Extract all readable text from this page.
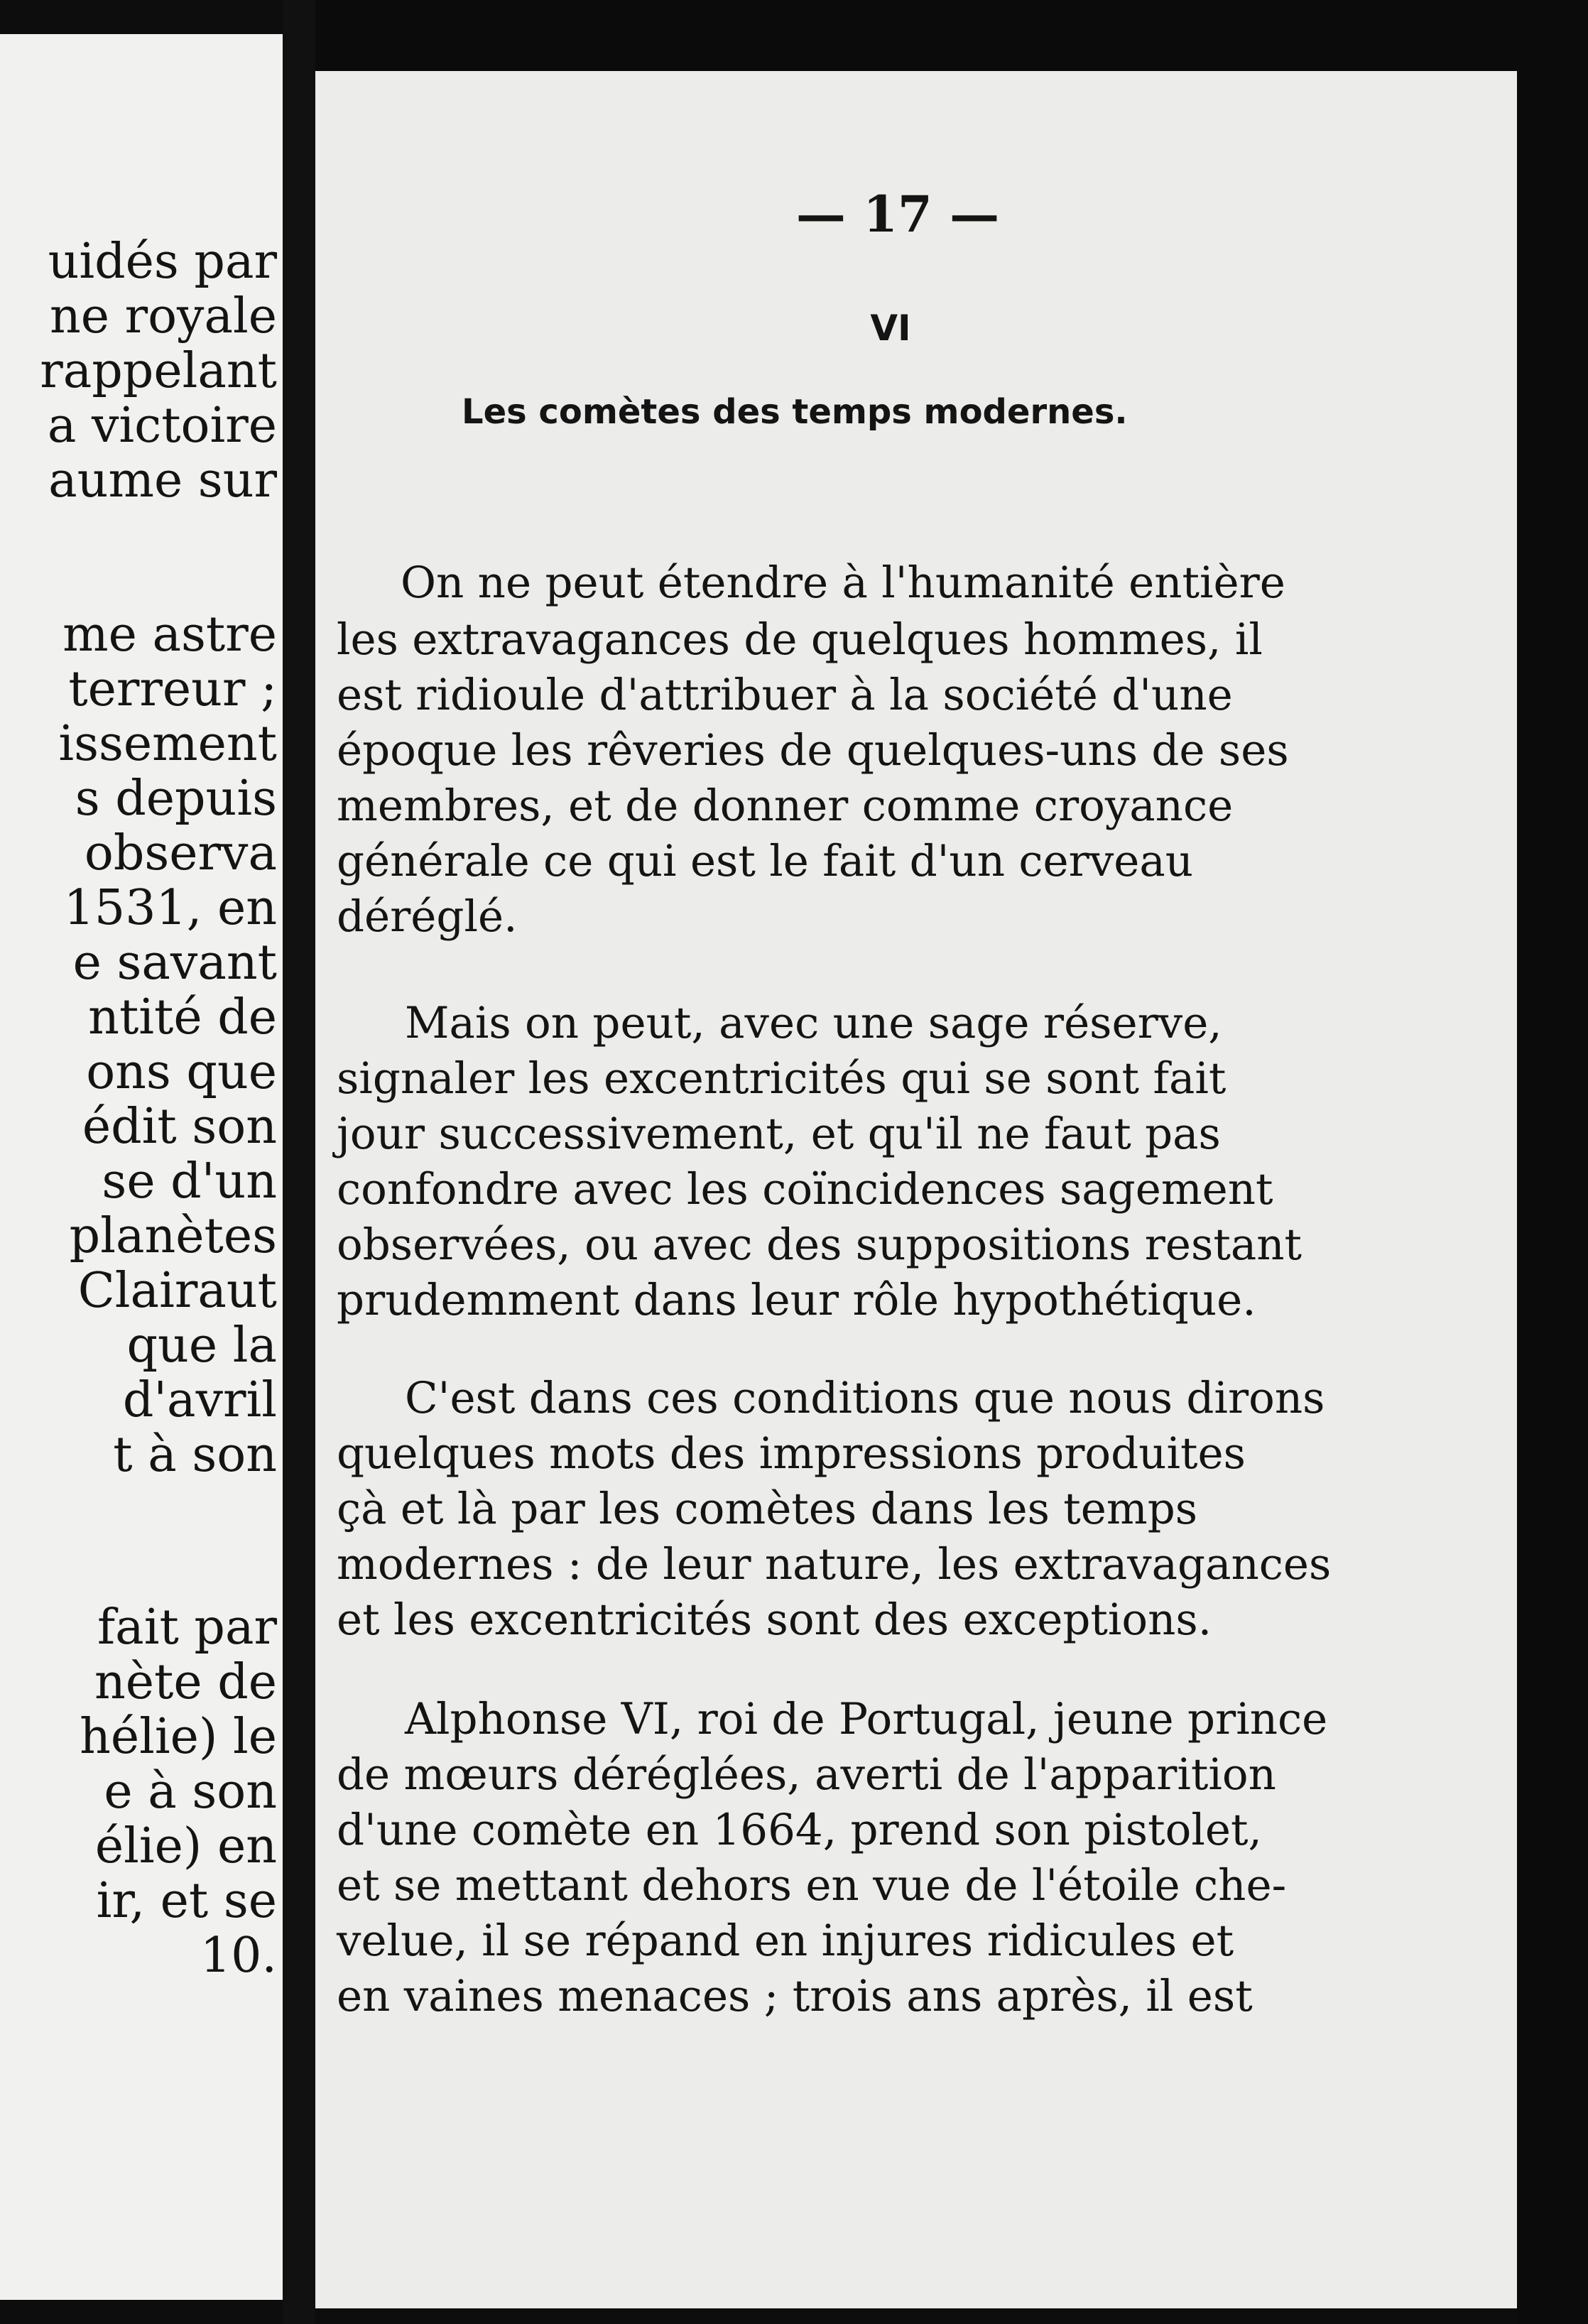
uidés par
ne royale
rappelant
a victoire
aume sur
me astre
terreur ;
issement
s depuis
observa
1531, en
e savant
ntité de
ons que
édit son
se d'un
planètes
Clairaut
que la
d'avril
t à son
fait par
nète de
hélie) le
e à son
élie) en
ir, et se
10.
— 17 —
VI
Les comètes des temps modernes.
On ne peut étendre à l'humanité entière
les extravagances de quelques hommes, il
est ridioule d'attribuer à la société d'une
époque les rêveries de quelques-uns de ses
membres, et de donner comme croyance
générale ce qui est le fait d'un cerveau
déréglé.
Mais on peut, avec une sage réserve,
signaler les excentricités qui se sont fait
jour successivement, et qu'il ne faut pas
confondre avec les coïncidences sagement
observées, ou avec des suppositions restant
prudemment dans leur rôle hypothétique.
C'est dans ces conditions que nous dirons
quelques mots des impressions produites
çà et là par les comètes dans les temps
modernes : de leur nature, les extravagances
et les excentricités sont des exceptions.
Alphonse VI, roi de Portugal, jeune prince
de mœurs déréglées, averti de l'apparition
d'une comète en 1664, prend son pistolet,
et se mettant dehors en vue de l'étoile che-
velue, il se répand en injures ridicules et
en vaines menaces ; trois ans après, il est
